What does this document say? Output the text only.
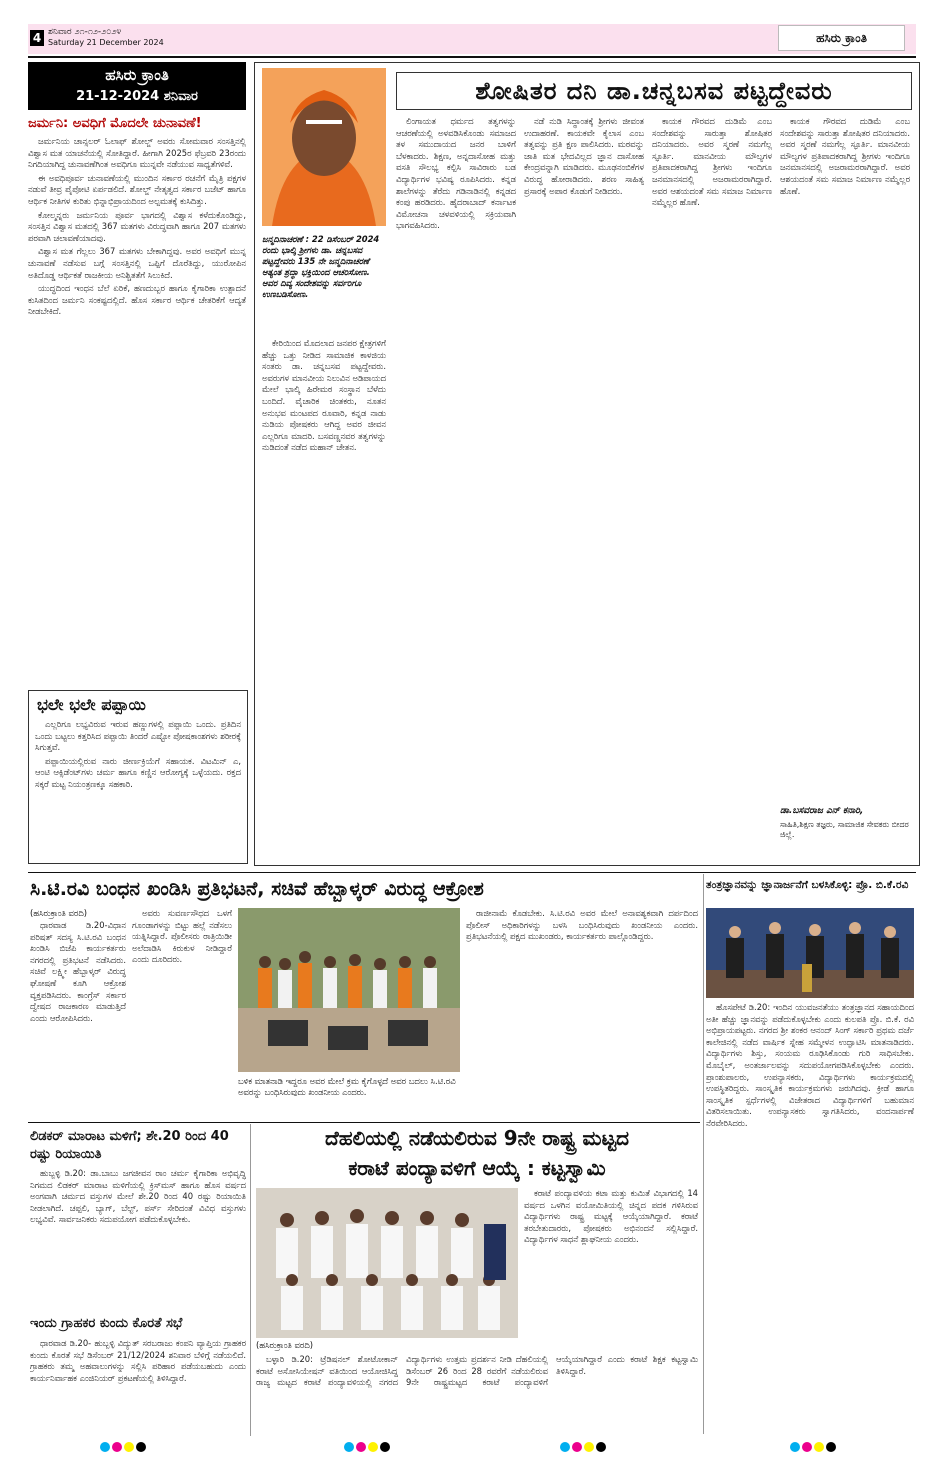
4 ಶನಿವಾರ ೨೧-೧೨-೨೦೨೪
Saturday 21 December 2024	ಹಸಿರು ಕ್ರಾಂತಿ
ಹಸಿರು ಕ್ರಾಂತಿ
21-12-2024 ಶನಿವಾರ
ಜರ್ಮನಿ: ಅವಧಿಗೆ ಮೊದಲೇ ಚುನಾವಣೆ!

ಜರ್ಮನಿಯ ಚಾನ್ಸಲರ್ ಓಲಾಫ್ ಶೋಲ್ಜ್ ಅವರು ಸೋಮವಾರ ಸಂಸತ್ತಿನಲ್ಲಿ ವಿಶ್ವಾಸ ಮತ ಯಾಚನೆಯಲ್ಲಿ ಸೋತಿದ್ದಾರೆ. ಹೀಗಾಗಿ 2025ರ ಫೆಬ್ರವರಿ 23ರಂದು ನಿಗದಿಯಾಗಿದ್ದ ಚುನಾವಣೆಗಿಂತ ಅವಧಿಗೂ ಮುನ್ನವೇ ನಡೆಯುವ ಸಾಧ್ಯತೆಗಳಿವೆ.

ಈ ಅವಧಿಪೂರ್ವ ಚುನಾವಣೆಯಲ್ಲಿ ಮುಂದಿನ ಸರ್ಕಾರ ರಚನೆಗೆ ಮೈತ್ರಿ ಪಕ್ಷಗಳ ನಡುವೆ ತೀವ್ರ ಪೈಪೋಟಿ ಏರ್ಪಡಲಿದೆ. ಶೋಲ್ಜ್ ನೇತೃತ್ವದ ಸರ್ಕಾರ ಬಜೆಟ್ ಹಾಗೂ ಆರ್ಥಿಕ ನೀತಿಗಳ ಕುರಿತು ಭಿನ್ನಾಭಿಪ್ರಾಯದಿಂದ ಅಲ್ಪಮತಕ್ಕೆ ಕುಸಿದಿತ್ತು.

ಕೋಲ್ಮನ್ನರು ಜರ್ಮನಿಯ ಪೂರ್ವ ಭಾಗದಲ್ಲಿ ವಿಶ್ವಾಸ ಕಳೆದುಕೊಂಡಿದ್ದು, ಸಂಸತ್ತಿನ ವಿಶ್ವಾಸ ಮತದಲ್ಲಿ 367 ಮತಗಳು ವಿರುದ್ಧವಾಗಿ ಹಾಗೂ 207 ಮತಗಳು ಪರವಾಗಿ ಚಲಾವಣೆಯಾದವು.

ವಿಶ್ವಾಸ ಮತ ಗೆಲ್ಲಲು 367 ಮತಗಳು ಬೇಕಾಗಿದ್ದವು. ಅವರ ಅವಧಿಗೆ ಮುನ್ನ ಚುನಾವಣೆ ನಡೆಸುವ ಬಗ್ಗೆ ಸಂಸತ್ತಿನಲ್ಲಿ ಒಪ್ಪಿಗೆ ದೊರೆತಿದ್ದು, ಯುರೋಪಿನ ಅತಿದೊಡ್ಡ ಆರ್ಥಿಕತೆ ರಾಜಕೀಯ ಅನಿಶ್ಚಿತತೆಗೆ ಸಿಲುಕಿದೆ.

ಯುದ್ಧದಿಂದ ಇಂಧನ ಬೆಲೆ ಏರಿಕೆ, ಹಣದುಬ್ಬರ ಹಾಗೂ ಕೈಗಾರಿಕಾ ಉತ್ಪಾದನೆ ಕುಸಿತದಿಂದ ಜರ್ಮನಿ ಸಂಕಷ್ಟದಲ್ಲಿದೆ. ಹೊಸ ಸರ್ಕಾರ ಆರ್ಥಿಕ ಚೇತರಿಕೆಗೆ ಆದ್ಯತೆ ನೀಡಬೇಕಿದೆ.

ಭಲೇ ಭಲೇ ಪಪ್ಪಾಯಿ

ಎಲ್ಲರಿಗೂ ಲಭ್ಯವಿರುವ ಇರುವ ಹಣ್ಣುಗಳಲ್ಲಿ ಪಪ್ಪಾಯಿ ಒಂದು. ಪ್ರತಿದಿನ ಒಂದು ಬಟ್ಟಲು ಕತ್ತರಿಸಿದ ಪಪ್ಪಾಯಿ ತಿಂದರೆ ಎಷ್ಟೋ ಪೋಷಕಾಂಶಗಳು ಶರೀರಕ್ಕೆ ಸಿಗುತ್ತವೆ.

ಪಪ್ಪಾಯಿಯಲ್ಲಿರುವ ನಾರು ಜೀರ್ಣಕ್ರಿಯೆಗೆ ಸಹಾಯಕ. ವಿಟಮಿನ್ ಎ, ಆಂಟಿ ಆಕ್ಸಿಡೆಂಟ್‌ಗಳು ಚರ್ಮ ಹಾಗೂ ಕಣ್ಣಿನ ಆರೋಗ್ಯಕ್ಕೆ ಒಳ್ಳೆಯದು. ರಕ್ತದ ಸಕ್ಕರೆ ಮಟ್ಟ ನಿಯಂತ್ರಣಕ್ಕೂ ಸಹಕಾರಿ.

ಶೋಷಿತರ ದನಿ ಡಾ.ಚನ್ನಬಸವ ಪಟ್ಟದ್ದೇವರು
ಜನ್ಮದಿನಾಚರಣೆ : 22 ಡಿಸೆಂಬರ್ 2024 ರಂದು ಭಾಲ್ಕಿ ಶ್ರೀಗಳು ಡಾ. ಚನ್ನಬಸವ ಪಟ್ಟದ್ದೇವರು 135 ನೇ ಜನ್ಮದಿನಾಚರಣೆ ಅತ್ಯಂತ ಶ್ರದ್ಧಾ ಭಕ್ತಿಯಿಂದ ಆಚರಿಸೋಣ. ಅವರ ದಿವ್ಯ ಸಂದೇಶವನ್ನು ಸರ್ವರಿಗೂ ಉಣಬಡಿಸೋಣ.

ಕೇರಿಯಿಂದ ಮೊದಲಾದ ಜನಪರ ಕ್ಷೇತ್ರಗಳಿಗೆ ಹೆಚ್ಚು ಒತ್ತು ನೀಡಿದ ಸಾಮಾಜಿಕ ಕಾಳಜಿಯ ಸಂತರು ಡಾ. ಚನ್ನಬಸವ ಪಟ್ಟದ್ದೇವರು. ಅವರುಗಳ ಮಾನವೀಯ ನಿಲುವಿನ ಅಡಿಪಾಯದ ಮೇಲೆ ಭಾಲ್ಕಿ ಹಿರೇಮಠ ಸಂಸ್ಥಾನ ಬೆಳೆದು ಬಂದಿದೆ. ವೈಚಾರಿಕ ಚಿಂತಕರು, ನೂತನ ಅನುಭವ ಮಂಟಪದ ರೂವಾರಿ, ಕನ್ನಡ ನಾಡು ನುಡಿಯ ಪೋಷಕರು ಆಗಿದ್ದ ಅವರ ಜೀವನ ಎಲ್ಲರಿಗೂ ಮಾದರಿ. ಬಸವಣ್ಣನವರ ತತ್ವಗಳನ್ನು ನುಡಿದಂತೆ ನಡೆದ ಮಹಾನ್ ಚೇತನ.

ಲಿಂಗಾಯತ ಧರ್ಮದ ತತ್ವಗಳನ್ನು ಆಚರಣೆಯಲ್ಲಿ ಅಳವಡಿಸಿಕೊಂಡು ಸಮಾಜದ ತಳ ಸಮುದಾಯದ ಜನರ ಬಾಳಿಗೆ ಬೆಳಕಾದರು. ಶಿಕ್ಷಣ, ಅನ್ನದಾಸೋಹ ಮತ್ತು ವಸತಿ ಸೌಲಭ್ಯ ಕಲ್ಪಿಸಿ ಸಾವಿರಾರು ಬಡ ವಿದ್ಯಾರ್ಥಿಗಳ ಭವಿಷ್ಯ ರೂಪಿಸಿದರು. ಕನ್ನಡ ಶಾಲೆಗಳನ್ನು ತೆರೆದು ಗಡಿನಾಡಿನಲ್ಲಿ ಕನ್ನಡದ ಕಂಪು ಹರಡಿದರು. ಹೈದರಾಬಾದ್ ಕರ್ನಾಟಕ ವಿಮೋಚನಾ ಚಳವಳಿಯಲ್ಲಿ ಸಕ್ರಿಯವಾಗಿ ಭಾಗವಹಿಸಿದರು.

ನಡೆ ನುಡಿ ಸಿದ್ಧಾಂತಕ್ಕೆ ಶ್ರೀಗಳು ಜೀವಂತ ಉದಾಹರಣೆ. ಕಾಯಕವೇ ಕೈಲಾಸ ಎಂಬ ತತ್ವವನ್ನು ಪ್ರತಿ ಕ್ಷಣ ಪಾಲಿಸಿದರು. ಮಠವನ್ನು ಜಾತಿ ಮತ ಭೇದವಿಲ್ಲದ ಜ್ಞಾನ ದಾಸೋಹ ಕೇಂದ್ರವನ್ನಾಗಿ ಮಾಡಿದರು. ಮೂಢನಂಬಿಕೆಗಳ ವಿರುದ್ಧ ಹೋರಾಡಿದರು. ಶರಣ ಸಾಹಿತ್ಯ ಪ್ರಸಾರಕ್ಕೆ ಅಪಾರ ಕೊಡುಗೆ ನೀಡಿದರು.

ಕಾಯಕ ಗೌರವದ ದುಡಿಮೆ ಎಂಬ ಸಂದೇಶವನ್ನು ಸಾರುತ್ತಾ ಶೋಷಿತರ ದನಿಯಾದರು. ಅವರ ಸ್ಮರಣೆ ನಮಗೆಲ್ಲ ಸ್ಫೂರ್ತಿ. ಮಾನವೀಯ ಮೌಲ್ಯಗಳ ಪ್ರತಿಪಾದಕರಾಗಿದ್ದ ಶ್ರೀಗಳು ಇಂದಿಗೂ ಜನಮಾನಸದಲ್ಲಿ ಅಜರಾಮರರಾಗಿದ್ದಾರೆ. ಅವರ ಆಶಯದಂತೆ ಸಮ ಸಮಾಜ ನಿರ್ಮಾಣ ನಮ್ಮೆಲ್ಲರ ಹೊಣೆ.

ಕಾಯಕ ಗೌರವದ ದುಡಿಮೆ ಎಂಬ ಸಂದೇಶವನ್ನು ಸಾರುತ್ತಾ ಶೋಷಿತರ ದನಿಯಾದರು. ಅವರ ಸ್ಮರಣೆ ನಮಗೆಲ್ಲ ಸ್ಫೂರ್ತಿ. ಮಾನವೀಯ ಮೌಲ್ಯಗಳ ಪ್ರತಿಪಾದಕರಾಗಿದ್ದ ಶ್ರೀಗಳು ಇಂದಿಗೂ ಜನಮಾನಸದಲ್ಲಿ ಅಜರಾಮರರಾಗಿದ್ದಾರೆ. ಅವರ ಆಶಯದಂತೆ ಸಮ ಸಮಾಜ ನಿರ್ಮಾಣ ನಮ್ಮೆಲ್ಲರ ಹೊಣೆ.

ಡಾ.ಬಸವರಾಜ ಎನ್ ಕನಾರಿ,
ಸಾಹಿತಿ,ಶಿಕ್ಷಣ ತಜ್ಞರು, ಸಾಮಾಜಿಕ ಸೇವಕರು ಬೀದರ ಜಿಲ್ಲೆ.
ಸಿ.ಟಿ.ರವಿ ಬಂಧನ ಖಂಡಿಸಿ ಪ್ರತಿಭಟನೆ, ಸಚಿವೆ ಹೆಬ್ಬಾಳ್ಕರ್ ವಿರುದ್ಧ ಆಕ್ರೋಶ
(ಹಸಿರುಕ್ರಾಂತಿ ವರದಿ)

ಧಾರವಾಡ ಡಿ.20-ವಿಧಾನ ಪರಿಷತ್ ಸದಸ್ಯ ಸಿ.ಟಿ.ರವಿ ಬಂಧನ ಖಂಡಿಸಿ ಬಿಜೆಪಿ ಕಾರ್ಯಕರ್ತರು ನಗರದಲ್ಲಿ ಪ್ರತಿಭಟನೆ ನಡೆಸಿದರು. ಸಚಿವೆ ಲಕ್ಷ್ಮೀ ಹೆಬ್ಬಾಳ್ಕರ್ ವಿರುದ್ಧ ಘೋಷಣೆ ಕೂಗಿ ಆಕ್ರೋಶ ವ್ಯಕ್ತಪಡಿಸಿದರು. ಕಾಂಗ್ರೆಸ್ ಸರ್ಕಾರ ದ್ವೇಷದ ರಾಜಕಾರಣ ಮಾಡುತ್ತಿದೆ ಎಂದು ಆರೋಪಿಸಿದರು.

ಅವರು ಸುವರ್ಣಸೌಧದ ಒಳಗೆ ಗೂಂಡಾಗಳನ್ನು ಬಿಟ್ಟು ಹಲ್ಲೆ ನಡೆಸಲು ಯತ್ನಿಸಿದ್ದಾರೆ. ಪೊಲೀಸರು ರಾತ್ರಿಯಿಡೀ ಅಲೆದಾಡಿಸಿ ಕಿರುಕುಳ ನೀಡಿದ್ದಾರೆ ಎಂದು ದೂರಿದರು.

ರಾಜೀನಾಮೆ ಕೊಡಬೇಕು. ಸಿ.ಟಿ.ರವಿ ಅವರ ಮೇಲೆ ಅನಾವಶ್ಯಕವಾಗಿ ದರ್ಪದಿಂದ ಪೊಲೀಸ್ ಅಧಿಕಾರಿಗಳನ್ನು ಬಳಸಿ ಬಂಧಿಸಿರುವುದು ಖಂಡನೀಯ ಎಂದರು. ಪ್ರತಿಭಟನೆಯಲ್ಲಿ ಪಕ್ಷದ ಮುಖಂಡರು, ಕಾರ್ಯಕರ್ತರು ಪಾಲ್ಗೊಂಡಿದ್ದರು.

ಬಳಿಕ ಮಾತನಾಡಿ ಇದ್ದರೂ ಅವರ ಮೇಲೆ ಕ್ರಮ ಕೈಗೊಳ್ಳದೆ ಅವರ ಬದಲು ಸಿ.ಟಿ.ರವಿ ಅವರನ್ನು ಬಂಧಿಸಿರುವುದು ಖಂಡನೀಯ ಎಂದರು.
ತಂತ್ರಜ್ಞಾನವನ್ನು ಜ್ಞಾನಾರ್ಜನೆಗೆ ಬಳಸಿಕೊಳ್ಳಿ: ಪ್ರೊ. ಬಿ.ಕೆ.ರವಿ

ಹೊಸಪೇಟೆ ಡಿ.20: ಇಂದಿನ ಯುವಜನತೆಯು ತಂತ್ರಜ್ಞಾನದ ಸಹಾಯದಿಂದ ಅತೀ ಹೆಚ್ಚು ಜ್ಞಾನವನ್ನು ಪಡೆದುಕೊಳ್ಳಬೇಕು ಎಂದು ಕುಲಪತಿ ಪ್ರೊ. ಬಿ.ಕೆ. ರವಿ ಅಭಿಪ್ರಾಯಪಟ್ಟರು. ನಗರದ ಶ್ರೀ ಶಂಕರ ಆನಂದ್ ಸಿಂಗ್ ಸರ್ಕಾರಿ ಪ್ರಥಮ ದರ್ಜೆ ಕಾಲೇಜಿನಲ್ಲಿ ನಡೆದ ವಾರ್ಷಿಕ ಸ್ನೇಹ ಸಮ್ಮೇಳನ ಉದ್ಘಾಟಿಸಿ ಮಾತನಾಡಿದರು. ವಿದ್ಯಾರ್ಥಿಗಳು ಶಿಸ್ತು, ಸಂಯಮ ರೂಢಿಸಿಕೊಂಡು ಗುರಿ ಸಾಧಿಸಬೇಕು. ಮೊಬೈಲ್, ಅಂತರ್ಜಾಲವನ್ನು ಸದುಪಯೋಗಪಡಿಸಿಕೊಳ್ಳಬೇಕು ಎಂದರು. ಪ್ರಾಂಶುಪಾಲರು, ಉಪನ್ಯಾಸಕರು, ವಿದ್ಯಾರ್ಥಿಗಳು ಕಾರ್ಯಕ್ರಮದಲ್ಲಿ ಉಪಸ್ಥಿತರಿದ್ದರು. ಸಾಂಸ್ಕೃತಿಕ ಕಾರ್ಯಕ್ರಮಗಳು ಜರುಗಿದವು. ಕ್ರೀಡೆ ಹಾಗೂ ಸಾಂಸ್ಕೃತಿಕ ಸ್ಪರ್ಧೆಗಳಲ್ಲಿ ವಿಜೇತರಾದ ವಿದ್ಯಾರ್ಥಿಗಳಿಗೆ ಬಹುಮಾನ ವಿತರಿಸಲಾಯಿತು. ಉಪನ್ಯಾಸಕರು ಸ್ವಾಗತಿಸಿದರು, ವಂದನಾರ್ಪಣೆ ನೆರವೇರಿಸಿದರು.

ಲಿಡಕರ್ ಮಾರಾಟ ಮಳಿಗೆ; ಶೇ.20 ರಿಂದ 40 ರಷ್ಟು ರಿಯಾಯಿತಿ

ಹುಬ್ಬಳ್ಳಿ ಡಿ.20: ಡಾ.ಬಾಬು ಜಗಜೀವನ ರಾಂ ಚರ್ಮ ಕೈಗಾರಿಕಾ ಅಭಿವೃದ್ಧಿ ನಿಗಮದ ಲಿಡಕರ್ ಮಾರಾಟ ಮಳಿಗೆಯಲ್ಲಿ ಕ್ರಿಸ್‌ಮಸ್ ಹಾಗೂ ಹೊಸ ವರ್ಷದ ಅಂಗವಾಗಿ ಚರ್ಮದ ವಸ್ತುಗಳ ಮೇಲೆ ಶೇ.20 ರಿಂದ 40 ರಷ್ಟು ರಿಯಾಯಿತಿ ನೀಡಲಾಗಿದೆ. ಚಪ್ಪಲಿ, ಬ್ಯಾಗ್, ಬೆಲ್ಟ್, ಪರ್ಸ್ ಸೇರಿದಂತೆ ವಿವಿಧ ವಸ್ತುಗಳು ಲಭ್ಯವಿವೆ. ಸಾರ್ವಜನಿಕರು ಸದುಪಯೋಗ ಪಡೆದುಕೊಳ್ಳಬೇಕು.

ಇಂದು ಗ್ರಾಹಕರ ಕುಂದು ಕೊರತೆ ಸಭೆ

ಧಾರವಾಡ ಡಿ.20- ಹುಬ್ಬಳ್ಳಿ ವಿದ್ಯುತ್ ಸರಬರಾಜು ಕಂಪನಿ ವ್ಯಾಪ್ತಿಯ ಗ್ರಾಹಕರ ಕುಂದು ಕೊರತೆ ಸಭೆ ಡಿಸೆಂಬರ್ 21/12/2024 ಶನಿವಾರ ಬೆಳಿಗ್ಗೆ ನಡೆಯಲಿದೆ. ಗ್ರಾಹಕರು ತಮ್ಮ ಅಹವಾಲುಗಳನ್ನು ಸಲ್ಲಿಸಿ ಪರಿಹಾರ ಪಡೆಯಬಹುದು ಎಂದು ಕಾರ್ಯನಿರ್ವಾಹಕ ಎಂಜಿನಿಯರ್ ಪ್ರಕಟಣೆಯಲ್ಲಿ ತಿಳಿಸಿದ್ದಾರೆ.

ದೆಹಲಿಯಲ್ಲಿ ನಡೆಯಲಿರುವ 9ನೇ ರಾಷ್ಟ್ರ ಮಟ್ಟದ
ಕರಾಟೆ ಪಂದ್ಯಾವಳಿಗೆ ಆಯ್ಕೆ : ಕಟ್ಟಸ್ವಾಮಿ
(ಹಸಿರುಕ್ರಾಂತಿ ವರದಿ)

ಕರಾಟೆ ಪಂದ್ಯಾವಳಿಯ ಕಟಾ ಮತ್ತು ಕುಮಿತೆ ವಿಭಾಗದಲ್ಲಿ 14 ವರ್ಷದ ಒಳಗಿನ ವಯೋಮಿತಿಯಲ್ಲಿ ಚಿನ್ನದ ಪದಕ ಗಳಿಸಿರುವ ವಿದ್ಯಾರ್ಥಿಗಳು ರಾಷ್ಟ್ರ ಮಟ್ಟಕ್ಕೆ ಆಯ್ಕೆಯಾಗಿದ್ದಾರೆ. ಕರಾಟೆ ತರಬೇತುದಾರರು, ಪೋಷಕರು ಅಭಿನಂದನೆ ಸಲ್ಲಿಸಿದ್ದಾರೆ. ವಿದ್ಯಾರ್ಥಿಗಳ ಸಾಧನೆ ಶ್ಲಾಘನೀಯ ಎಂದರು.

ಬಳ್ಳಾರಿ ಡಿ.20: ಟ್ರೆಡಿಷನಲ್ ಶೋಟೋಕಾನ್ ಕರಾಟೆ ಅಸೋಸಿಯೇಷನ್ ವತಿಯಿಂದ ಆಯೋಜಿಸಿದ್ದ ರಾಜ್ಯ ಮಟ್ಟದ ಕರಾಟೆ ಪಂದ್ಯಾವಳಿಯಲ್ಲಿ ನಗರದ ವಿದ್ಯಾರ್ಥಿಗಳು ಉತ್ತಮ ಪ್ರದರ್ಶನ ನೀಡಿ ದೆಹಲಿಯಲ್ಲಿ ಡಿಸೆಂಬರ್ 26 ರಿಂದ 28 ರವರೆಗೆ ನಡೆಯಲಿರುವ 9ನೇ ರಾಷ್ಟ್ರಮಟ್ಟದ ಕರಾಟೆ ಪಂದ್ಯಾವಳಿಗೆ ಆಯ್ಕೆಯಾಗಿದ್ದಾರೆ ಎಂದು ಕರಾಟೆ ಶಿಕ್ಷಕ ಕಟ್ಟಸ್ವಾಮಿ ತಿಳಿಸಿದ್ದಾರೆ.
